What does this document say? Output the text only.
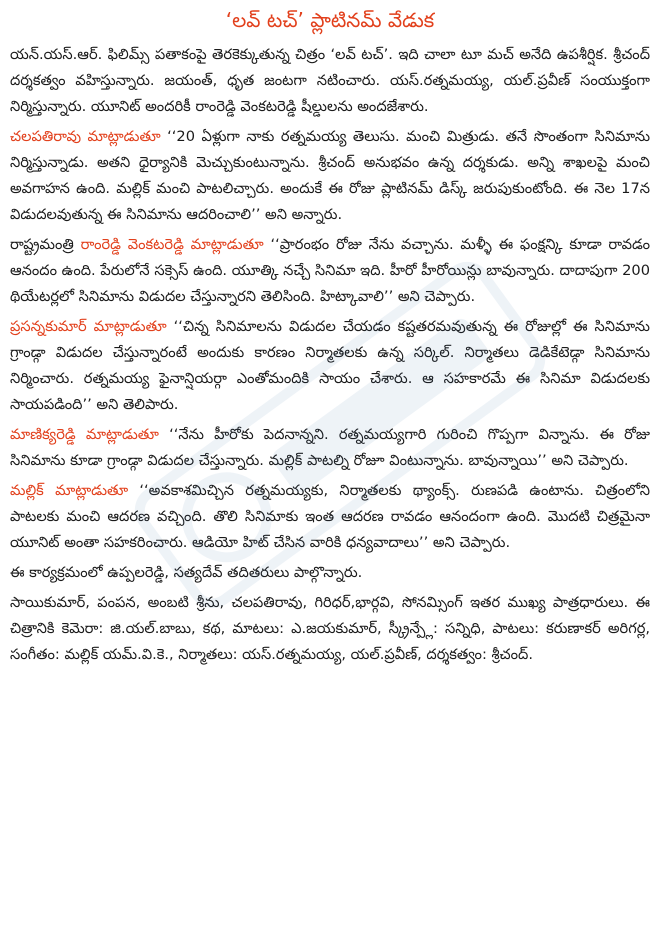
‘లవ్ టచ్’ ప్లాటినమ్ వేడుక

యన్.యస్.ఆర్. ఫిలిమ్స్ పతాకంపై తెరకెక్కుతున్న చిత్రం ‘లవ్ టచ్’. ఇది చాలా టూ మచ్ అనేది ఉపశీర్షిక. శ్రీచంద్ దర్శకత్వం వహిస్తున్నారు. జయంత్, ధృత జంటగా నటించారు. యస్.రత్నమయ్య, యల్.ప్రవీణ్ సంయుక్తంగా నిర్మిస్తున్నారు. యూనిట్ అందరికీ రాంరెడ్డి వెంకటరెడ్డి షీల్డులను అందజేశారు.

చలపతిరావు మాట్లాడుతూ ‘‘20 ఏళ్లుగా నాకు రత్నమయ్య తెలుసు. మంచి మిత్రుడు. తనే సొంతంగా సినిమాను నిర్మిస్తున్నాడు. అతని ధైర్యానికి మెచ్చుకుంటున్నాను. శ్రీచంద్ అనుభవం ఉన్న దర్శకుడు. అన్ని శాఖలపై మంచి అవగాహన ఉంది. మల్లిక్ మంచి పాటలిచ్చారు. అందుకే ఈ రోజు ప్లాటినమ్ డిస్క్ జరుపుకుంటోంది. ఈ నెల 17న విడుదలవుతున్న ఈ సినిమాను ఆదరించాలి’’ అని అన్నారు.

రాష్ట్రమంత్రి రాంరెడ్డి వెంకటరెడ్డి మాట్లాడుతూ ‘‘ప్రారంభం రోజు నేను వచ్చాను. మళ్ళీ ఈ ఫంక్షన్కి కూడా రావడం ఆనందం ఉంది. పేరులోనే సక్సెస్ ఉంది. యూత్కి నచ్చే సినిమా ఇది. హీరో హీరోయిన్లు బావున్నారు. దాదాపుగా 200 థియేటర్లలో సినిమాను విడుదల చేస్తున్నారని తెలిసింది. హిట్కావాలి’’ అని చెప్పారు.

ప్రసన్నకుమార్ మాట్లాడుతూ ‘‘చిన్న సినిమాలను విడుదల చేయడం కష్టతరమవుతున్న ఈ రోజుల్లో ఈ సినిమాను గ్రాండ్గా విడుదల చేస్తున్నారంటే అందుకు కారణం నిర్మాతలకు ఉన్న సర్కిల్. నిర్మాతలు డెడికేటెడ్గా సినిమాను నిర్మించారు. రత్నమయ్య ఫైనాన్షియర్గా ఎంతోమందికి సాయం చేశారు. ఆ సహకారమే ఈ సినిమా విడుదలకు సాయపడింది’’ అని తెలిపారు.

మాణిక్యరెడ్డి మాట్లాడుతూ ‘‘నేను హీరోకు పెదనాన్నని. రత్నమయ్యగారి గురించి గొప్పగా విన్నాను. ఈ రోజు సినిమాను కూడా గ్రాండ్గా విడుదల చేస్తున్నారు. మల్లిక్ పాటల్ని రోజూ వింటున్నాను. బావున్నాయి’’ అని చెప్పారు.

మల్లిక్ మాట్లాడుతూ ‘‘అవకాశమిచ్చిన రత్నమయ్యకు, నిర్మాతలకు థ్యాంక్స్. రుణపడి ఉంటాను. చిత్రంలోని పాటలకు మంచి ఆదరణ వచ్చింది. తొలి సినిమాకు ఇంత ఆదరణ రావడం ఆనందంగా ఉంది. మొదటి చిత్రమైనా యూనిట్ అంతా సహకరించారు. ఆడియో హిట్ చేసిన వారికి ధన్యవాదాలు’’ అని చెప్పారు.

ఈ కార్యక్రమంలో ఉప్పలరెడ్డి, సత్యదేవ్ తదితరులు పాల్గొన్నారు.

సాయికుమార్, పంపన, అంబటి శ్రీను, చలపతిరావు, గిరిధర్,భార్గవి, సోనమ్సింగ్ ఇతర ముఖ్య పాత్రధారులు. ఈ చిత్రానికి కెమెరా: జి.యల్.బాబు, కథ, మాటలు: ఎ.జయకుమార్, స్క్రీన్ప్లే: సన్నిధి, పాటలు: కరుణాకర్ అరిగర్ల, సంగీతం: మల్లిక్ యమ్.వి.కె., నిర్మాతలు: యస్.రత్నమయ్య, యల్.ప్రవీణ్, దర్శకత్వం: శ్రీచంద్.
